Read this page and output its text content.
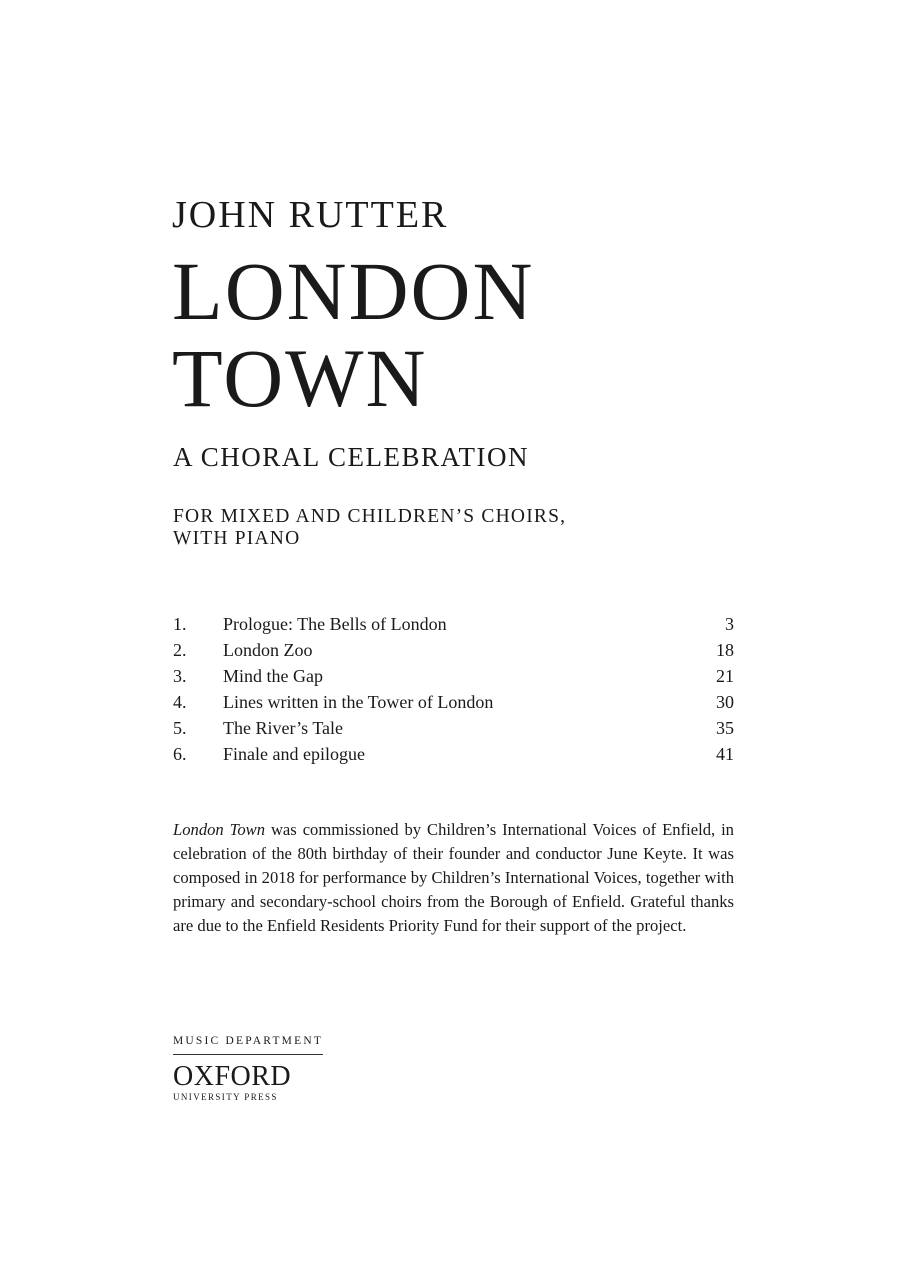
JOHN RUTTER
LONDON
TOWN
A CHORAL CELEBRATION
FOR MIXED AND CHILDREN’S CHOIRS,
WITH PIANO
1. Prologue: The Bells of London	3
2. London Zoo	18
3. Mind the Gap	21
4. Lines written in the Tower of London	30
5. The River’s Tale	35
6. Finale and epilogue	41
London Town was commissioned by Children’s International Voices of Enfield, in celebration of the 80th birthday of their founder and conductor June Keyte. It was composed in 2018 for performance by Children’s International Voices, together with primary and secondary-school choirs from the Borough of Enfield. Grateful thanks are due to the Enfield Residents Priority Fund for their support of the project.
MUSIC DEPARTMENT
OXFORD
UNIVERSITY PRESS
